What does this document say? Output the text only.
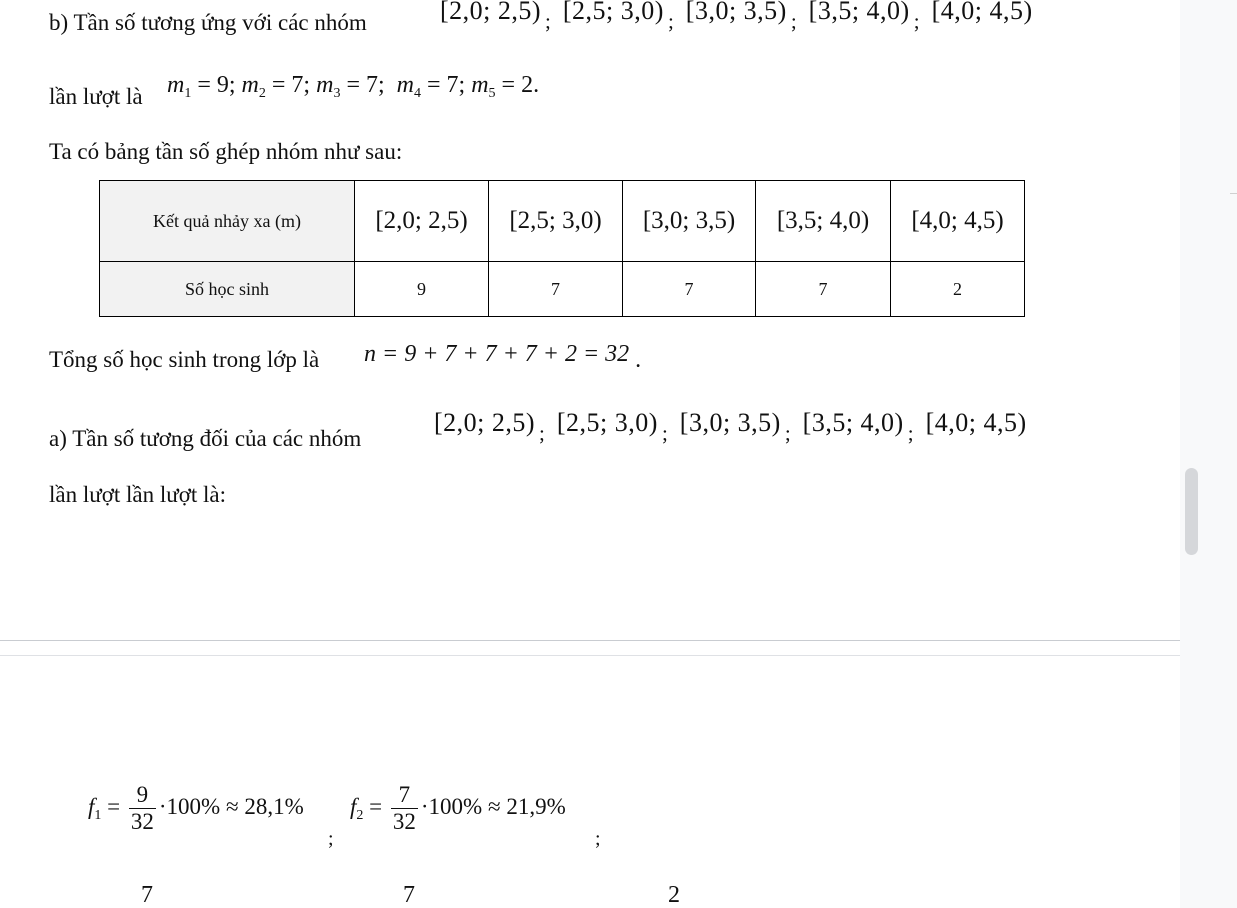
b) Tần số tương ứng với các nhóm	[2,0; 2,5) ; [2,5; 3,0) ; [3,0; 3,5) ; [3,5; 4,0) ; [4,0; 4,5)
lần lượt là $m_1 = 9$; $m_2 = 7$; $m_3 = 7$; $m_4 = 7$; $m_5 = 2$.
Ta có bảng tần số ghép nhóm như sau:
Kết quả nhảy xa (m)	[2,0; 2,5)	[2,5; 3,0)	[3,0; 3,5)	[3,5; 4,0)	[4,0; 4,5)
Số học sinh	9	7	7	7	2
Tổng số học sinh trong lớp là n = 9 + 7 + 7 + 7 + 2 = 32 .
a) Tần số tương đối của các nhóm
[2,0; 2,5) ; [2,5; 3,0) ; [3,0; 3,5) ; [3,5; 4,0) ; [4,0; 4,5)
lần lượt lần lượt là:
$f_1 = \frac{9}{32} \cdot 100\% \approx 28,1\%$
;
$f_2 = \frac{7}{32} \cdot 100\% \approx 21,9\%$
;
7	7	2
